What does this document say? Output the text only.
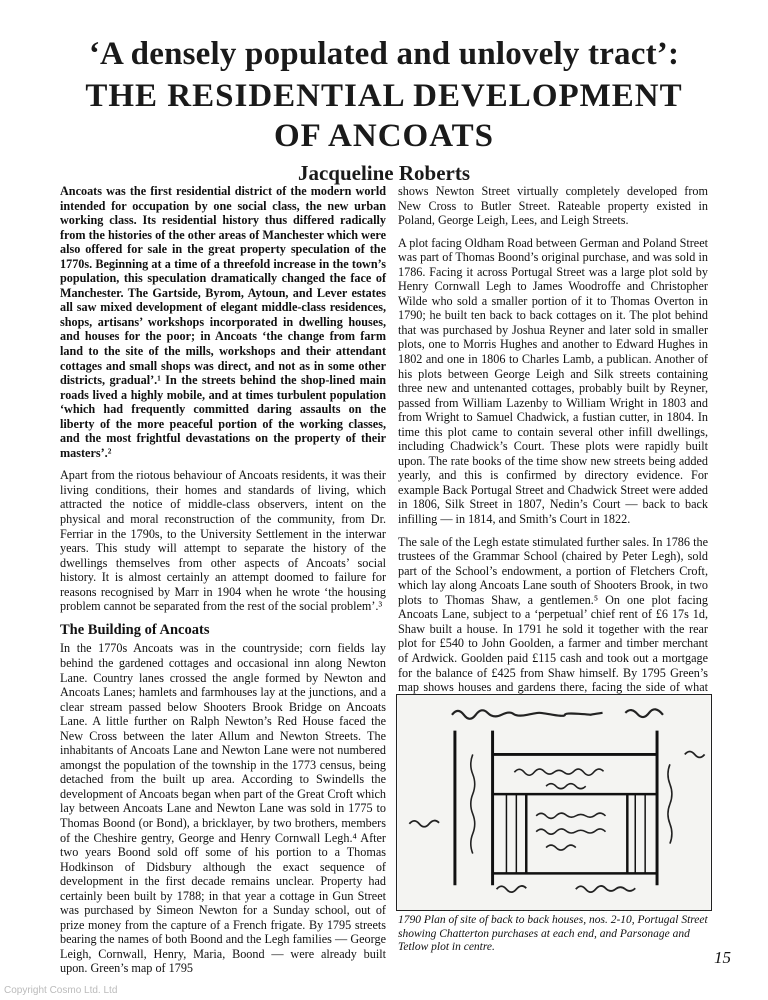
‘A densely populated and unlovely tract’:
THE RESIDENTIAL DEVELOPMENT
OF ANCOATS
Jacqueline Roberts

Ancoats was the first residential district of the modern world intended for occupation by one social class, the new urban working class. Its residential history thus differed radically from the histories of the other areas of Manchester which were also offered for sale in the great property speculation of the 1770s. Beginning at a time of a threefold increase in the town’s population, this speculation dramatically changed the face of Manchester. The Gartside, Byrom, Aytoun, and Lever estates all saw mixed development of elegant middle-class residences, shops, artisans’ workshops incorporated in dwelling houses, and houses for the poor; in Ancoats ‘the change from farm land to the site of the mills, workshops and their attendant cottages and small shops was direct, and not as in some other districts, gradual’.¹ In the streets behind the shop-lined main roads lived a highly mobile, and at times turbulent population ‘which had frequently committed daring assaults on the liberty of the more peaceful portion of the working classes, and the most frightful devastations on the property of their masters’.²

Apart from the riotous behaviour of Ancoats residents, it was their living conditions, their homes and standards of living, which attracted the notice of middle-class observers, intent on the physical and moral reconstruction of the community, from Dr. Ferriar in the 1790s, to the University Settlement in the interwar years. This study will attempt to separate the history of the dwellings themselves from other aspects of Ancoats’ social history. It is almost certainly an attempt doomed to failure for reasons recognised by Marr in 1904 when he wrote ‘the housing problem cannot be separated from the rest of the social problem’.³

The Building of Ancoats

In the 1770s Ancoats was in the countryside; corn fields lay behind the gardened cottages and occasional inn along Newton Lane. Country lanes crossed the angle formed by Newton and Ancoats Lanes; hamlets and farmhouses lay at the junctions, and a clear stream passed below Shooters Brook Bridge on Ancoats Lane. A little further on Ralph Newton’s Red House faced the New Cross between the later Allum and Newton Streets. The inhabitants of Ancoats Lane and Newton Lane were not numbered amongst the population of the township in the 1773 census, being detached from the built up area. According to Swindells the development of Ancoats began when part of the Great Croft which lay between Ancoats Lane and Newton Lane was sold in 1775 to Thomas Boond (or Bond), a bricklayer, by two brothers, members of the Cheshire gentry, George and Henry Cornwall Legh.⁴ After two years Boond sold off some of his portion to a Thomas Hodkinson of Didsbury although the exact sequence of development in the first decade remains unclear. Property had certainly been built by 1788; in that year a cottage in Gun Street was purchased by Simeon Newton for a Sunday school, out of prize money from the capture of a French frigate. By 1795 streets bearing the names of both Boond and the Legh families — George Leigh, Cornwall, Henry, Maria, Boond — were already built upon. Green’s map of 1795

shows Newton Street virtually completely developed from New Cross to Butler Street. Rateable property existed in Poland, George Leigh, Lees, and Leigh Streets.

A plot facing Oldham Road between German and Poland Street was part of Thomas Boond’s original purchase, and was sold in 1786. Facing it across Portugal Street was a large plot sold by Henry Cornwall Legh to James Woodroffe and Christopher Wilde who sold a smaller portion of it to Thomas Overton in 1790; he built ten back to back cottages on it. The plot behind that was purchased by Joshua Reyner and later sold in smaller plots, one to Morris Hughes and another to Edward Hughes in 1802 and one in 1806 to Charles Lamb, a publican. Another of his plots between George Leigh and Silk streets containing three new and untenanted cottages, probably built by Reyner, passed from William Lazenby to William Wright in 1803 and from Wright to Samuel Chadwick, a fustian cutter, in 1804. In time this plot came to contain several other infill dwellings, including Chadwick’s Court. These plots were rapidly built upon. The rate books of the time show new streets being added yearly, and this is confirmed by directory evidence. For example Back Portugal Street and Chadwick Street were added in 1806, Silk Street in 1807, Nedin’s Court — back to back infilling — in 1814, and Smith’s Court in 1822.

The sale of the Legh estate stimulated further sales. In 1786 the trustees of the Grammar School (chaired by Peter Legh), sold part of the School’s endowment, a portion of Fletchers Croft, which lay along Ancoats Lane south of Shooters Brook, in two plots to Thomas Shaw, a gentlemen.⁵ On one plot facing Ancoats Lane, subject to a ‘perpetual’ chief rent of £6 17s 1d, Shaw built a house. In 1791 he sold it together with the rear plot for £540 to John Goolden, a farmer and timber merchant of Ardwick. Goolden paid £115 cash and took out a mortgage for the balance of £425 from Shaw himself. By 1795 Green’s map shows houses and gardens there, facing the side of what

1790 Plan of site of back to back houses, nos. 2-10, Portugal Street showing Chatterton purchases at each end, and Parsonage and Tetlow plot in centre.
15
Copyright Cosmo Ltd. Ltd
